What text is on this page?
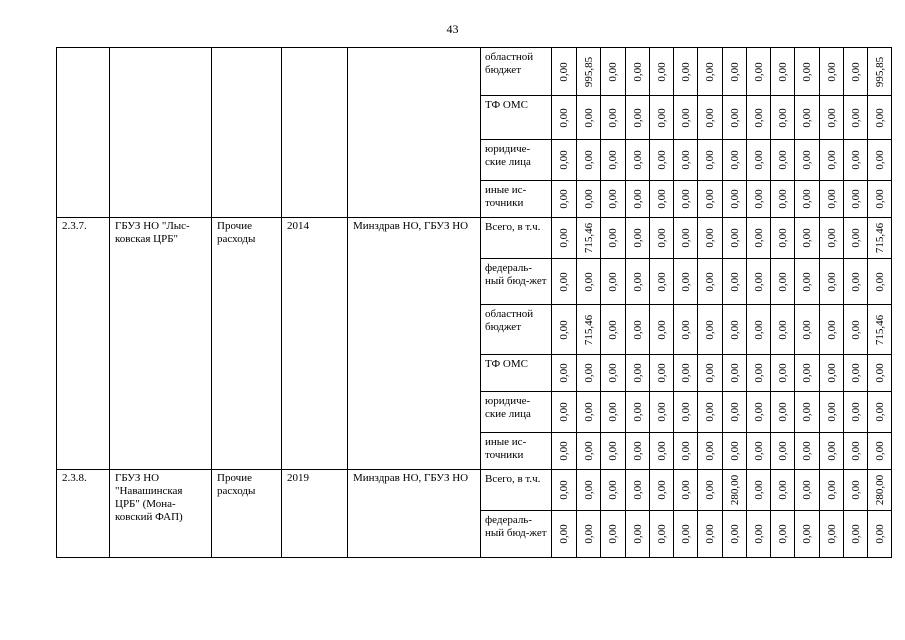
43
					областной бюджет	0,00	995,85	0,00	0,00	0,00	0,00	0,00	0,00	0,00	0,00	0,00	0,00	0,00	995,85

					ТФ ОМС	0,00	0,00	0,00	0,00	0,00	0,00	0,00	0,00	0,00	0,00	0,00	0,00	0,00	0,00

					юридиче-ские лица	0,00	0,00	0,00	0,00	0,00	0,00	0,00	0,00	0,00	0,00	0,00	0,00	0,00	0,00

					иные ис-точники	0,00	0,00	0,00	0,00	0,00	0,00	0,00	0,00	0,00	0,00	0,00	0,00	0,00	0,00

2.3.7.	ГБУЗ НО "Лыс-ковская ЦРБ"	Прочие расходы	2014	Минздрав НО, ГБУЗ НО	Всего, в т.ч.	0,00	715,46	0,00	0,00	0,00	0,00	0,00	0,00	0,00	0,00	0,00	0,00	0,00	715,46

					федераль-ный бюд-жет	0,00	0,00	0,00	0,00	0,00	0,00	0,00	0,00	0,00	0,00	0,00	0,00	0,00	0,00

					областной бюджет	0,00	715,46	0,00	0,00	0,00	0,00	0,00	0,00	0,00	0,00	0,00	0,00	0,00	715,46

					ТФ ОМС	0,00	0,00	0,00	0,00	0,00	0,00	0,00	0,00	0,00	0,00	0,00	0,00	0,00	0,00

					юридиче-ские лица	0,00	0,00	0,00	0,00	0,00	0,00	0,00	0,00	0,00	0,00	0,00	0,00	0,00	0,00

					иные ис-точники	0,00	0,00	0,00	0,00	0,00	0,00	0,00	0,00	0,00	0,00	0,00	0,00	0,00	0,00

2.3.8.	ГБУЗ НО "Навашинская ЦРБ" (Мона-ковский ФАП)	Прочие расходы	2019	Минздрав НО, ГБУЗ НО	Всего, в т.ч.	0,00	0,00	0,00	0,00	0,00	0,00	0,00	280,00	0,00	0,00	0,00	0,00	0,00	280,00

					федераль-ный бюд-жет	0,00	0,00	0,00	0,00	0,00	0,00	0,00	0,00	0,00	0,00	0,00	0,00	0,00	0,00
